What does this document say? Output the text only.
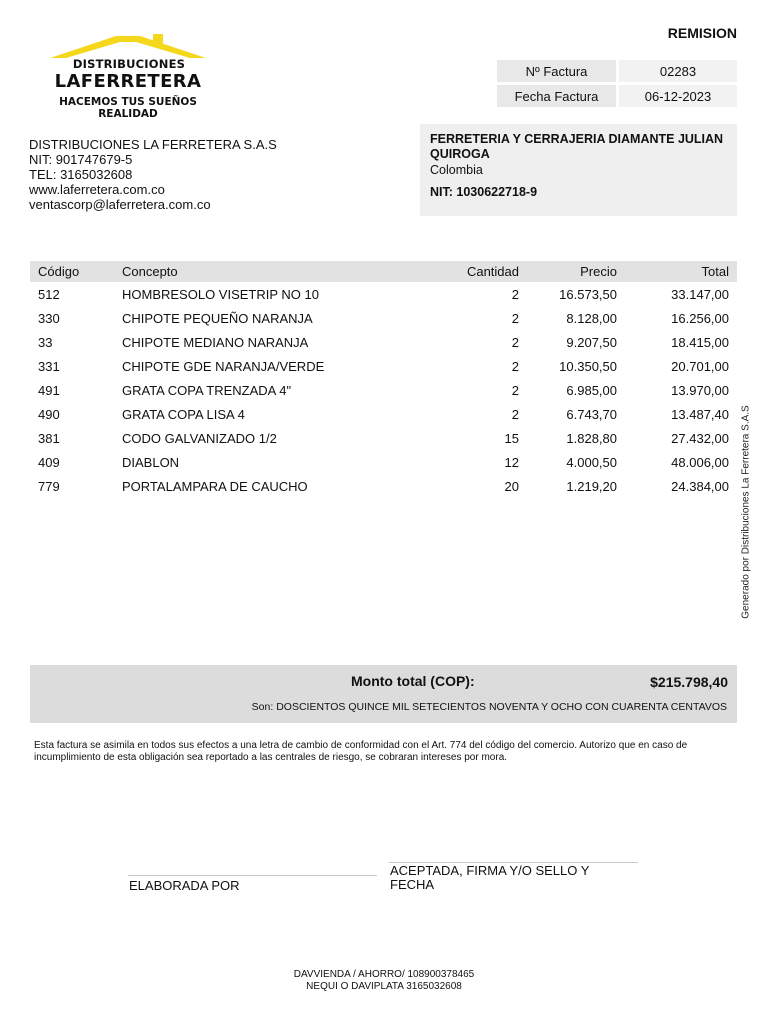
DISTRIBUCIONES
LAFERRETERA
HACEMOS TUS SUEÑOS REALIDAD
REMISION
Nº Factura	02283
Fecha Factura	06-12-2023
DISTRIBUCIONES LA FERRETERA S.A.S
NIT: 901747679-5
TEL: 3165032608
www.laferretera.com.co
ventascorp@laferretera.com.co
FERRETERIA Y CERRAJERIA DIAMANTE JULIAN QUIROGA
Colombia
NIT: 1030622718-9
Código	Concepto	Cantidad	Precio	Total
512	HOMBRESOLO VISETRIP NO 10	2	16.573,50	33.147,00
330	CHIPOTE PEQUEÑO NARANJA	2	8.128,00	16.256,00
33	CHIPOTE MEDIANO NARANJA	2	9.207,50	18.415,00
331	CHIPOTE GDE NARANJA/VERDE	2	10.350,50	20.701,00
491	GRATA COPA TRENZADA 4"	2	6.985,00	13.970,00
490	GRATA COPA LISA 4	2	6.743,70	13.487,40
381	CODO GALVANIZADO 1/2	15	1.828,80	27.432,00
409	DIABLON	12	4.000,50	48.006,00
779	PORTALAMPARA DE CAUCHO	20	1.219,20	24.384,00 Generado por Distribuciones La Ferretera S.A.S
Monto total (COP):	$215.798,40
Son: DOSCIENTOS QUINCE MIL SETECIENTOS NOVENTA Y OCHO CON CUARENTA CENTAVOS
Esta factura se asimila en todos sus efectos a una letra de cambio de conformidad con el Art. 774 del código del comercio. Autorizo que en caso de incumplimiento de esta obligación sea reportado a las centrales de riesgo, se cobraran intereses por mora.
ELABORADA POR
ACEPTADA, FIRMA Y/O SELLO Y FECHA
DAVVIENDA / AHORRO/ 108900378465
NEQUI O DAVIPLATA 3165032608
